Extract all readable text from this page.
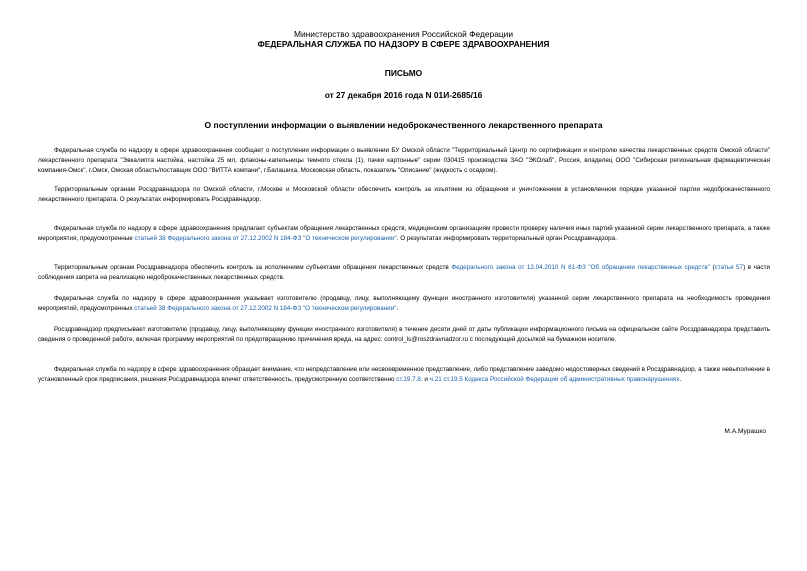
Министерство здравоохранения Российской Федерации
ФЕДЕРАЛЬНАЯ СЛУЖБА ПО НАДЗОРУ В СФЕРЕ ЗДРАВООХРАНЕНИЯ
ПИСЬМО
от 27 декабря 2016 года N 01И-2685/16
О поступлении информации о выявлении недоброкачественного лекарственного препарата
Федеральная служба по надзору в сфере здравоохранения сообщает о поступлении информации о выявлении БУ Омской области "Территориальный Центр по сертификации и контролю качества лекарственных средств Омской области" лекарственного препарата "Эвкалипта настойка, настойка 25 мл, флаконы-капельницы темного стекла (1), пачки картонные" серии 030415 производства ЗАО "ЭКОлаб", Россия, владелец ООО "Сибирская региональная фармацевтическая компания-Омск", г.Омск, Омская область/поставщик ООО "ВИТТА компани", г.Балашиха, Московская область, показатель "Описание" (жидкость с осадком).
Территориальным органам Росздравнадзора по Омской области, г.Москве и Московской области обеспечить контроль за изъятием из обращения и уничтожением в установленном порядке указанной партии недоброкачественного лекарственного препарата. О результатах информировать Росздравнадзор.
Федеральная служба по надзору в сфере здравоохранения предлагает субъектам обращения лекарственных средств, медицинским организациям провести проверку наличия иных партий указанной серии лекарственного препарата, а также мероприятия, предусмотренные статьей 38 Федерального закона от 27.12.2002 N 184-ФЗ "О техническом регулировании". О результатах информировать территориальный орган Росздравнадзора.
Территориальным органам Росздравнадзора обеспечить контроль за исполнением субъектами обращения лекарственных средств Федерального закона от 12.04.2010 N 61-ФЗ "Об обращении лекарственных средств" (статья 57) в части соблюдения запрета на реализацию недоброкачественных лекарственных средств.
Федеральная служба по надзору в сфере здравоохранения указывает изготовителю (продавцу, лицу, выполняющему функции иностранного изготовителя) указанной серии лекарственного препарата на необходимость проведения мероприятий, предусмотренных статьей 38 Федерального закона от 27.12.2002 N 184-ФЗ "О техническом регулировании".
Росздравнадзор предписывает изготовителю (продавцу, лицу, выполняющему функции иностранного изготовителя) в течение десяти дней от даты публикации информационного письма на официальном сайте Росздравнадзора представить сведения о проведенной работе, включая программу мероприятий по предотвращению причинения вреда, на адрес: control_ls@roszdravnadzor.ru с последующей досылкой на бумажном носителе.
Федеральная служба по надзору в сфере здравоохранения обращает внимание, что непредставление или несвоевременное представление, либо представление заведомо недостоверных сведений в Росздравнадзор, а также невыполнение в установленный срок предписания, решения Росздравнадзора влечет ответственность, предусмотренную соответственно ст.19.7.8. и ч.21 ст.19.5 Кодекса Российской Федерации об административных правонарушениях.
М.А.Мурашко
